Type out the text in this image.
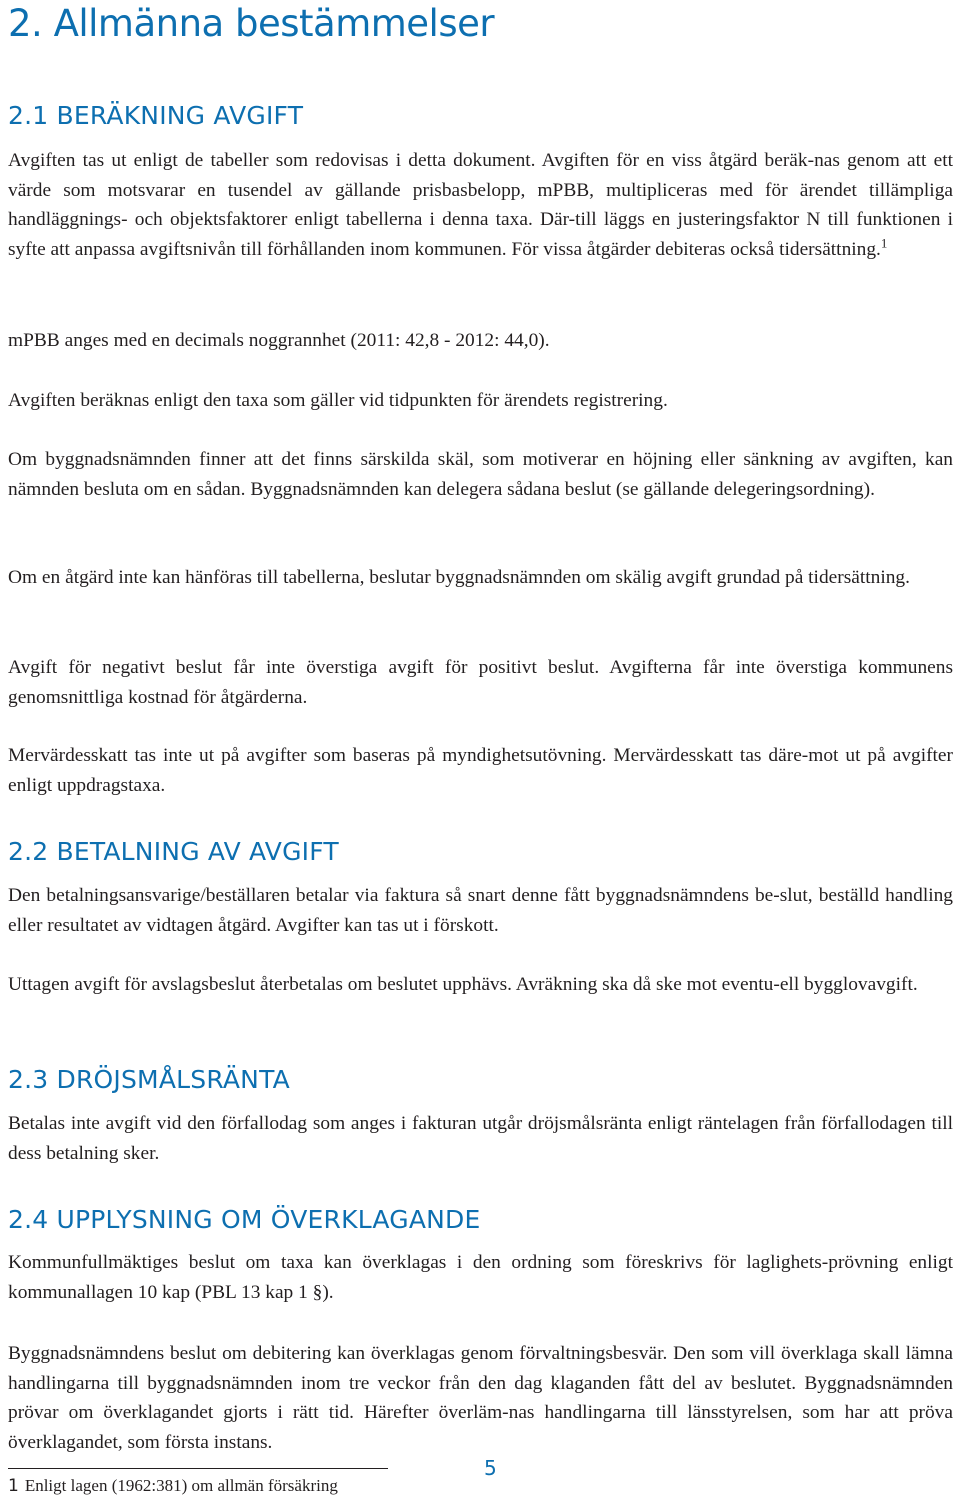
2. Allmänna bestämmelser
2.1 BERÄKNING AVGIFT

Avgiften tas ut enligt de tabeller som redovisas i detta dokument. Avgiften för en viss åtgärd beräk-nas genom att ett värde som motsvarar en tusendel av gällande prisbasbelopp, mPBB, multipliceras med för ärendet tillämpliga handläggnings- och objektsfaktorer enligt tabellerna i denna taxa. Där-till läggs en justeringsfaktor N till funktionen i syfte att anpassa avgiftsnivån till förhållanden inom kommunen. För vissa åtgärder debiteras också tidersättning.$^1$

mPBB anges med en decimals noggrannhet (2011: 42,8 - 2012: 44,0).

Avgiften beräknas enligt den taxa som gäller vid tidpunkten för ärendets registrering.

Om byggnadsnämnden finner att det finns särskilda skäl, som motiverar en höjning eller sänkning av avgiften, kan nämnden besluta om en sådan. Byggnadsnämnden kan delegera sådana beslut (se gällande delegeringsordning).

Om en åtgärd inte kan hänföras till tabellerna, beslutar byggnadsnämnden om skälig avgift grundad på tidersättning.

Avgift för negativt beslut får inte överstiga avgift för positivt beslut. Avgifterna får inte överstiga kommunens genomsnittliga kostnad för åtgärderna.

Mervärdesskatt tas inte ut på avgifter som baseras på myndighetsutövning. Mervärdesskatt tas däre-mot ut på avgifter enligt uppdragstaxa.

2.2 BETALNING AV AVGIFT

Den betalningsansvarige/beställaren betalar via faktura så snart denne fått byggnadsnämndens be-slut, beställd handling eller resultatet av vidtagen åtgärd. Avgifter kan tas ut i förskott.

Uttagen avgift för avslagsbeslut återbetalas om beslutet upphävs. Avräkning ska då ske mot eventu-ell bygglovavgift.

2.3 DRÖJSMÅLSRÄNTA

Betalas inte avgift vid den förfallodag som anges i fakturan utgår dröjsmålsränta enligt räntelagen från förfallodagen till dess betalning sker.

2.4 UPPLYSNING OM ÖVERKLAGANDE

Kommunfullmäktiges beslut om taxa kan överklagas i den ordning som föreskrivs för laglighets-prövning enligt kommunallagen 10 kap (PBL 13 kap 1 §).

Byggnadsnämndens beslut om debitering kan överklagas genom förvaltningsbesvär. Den som vill överklaga skall lämna handlingarna till byggnadsnämnden inom tre veckor från den dag klaganden fått del av beslutet. Byggnadsnämnden prövar om överklagandet gjorts i rätt tid. Härefter överläm-nas handlingarna till länsstyrelsen, som har att pröva överklagandet, som första instans.

1 Enligt lagen (1962:381) om allmän försäkring
5
